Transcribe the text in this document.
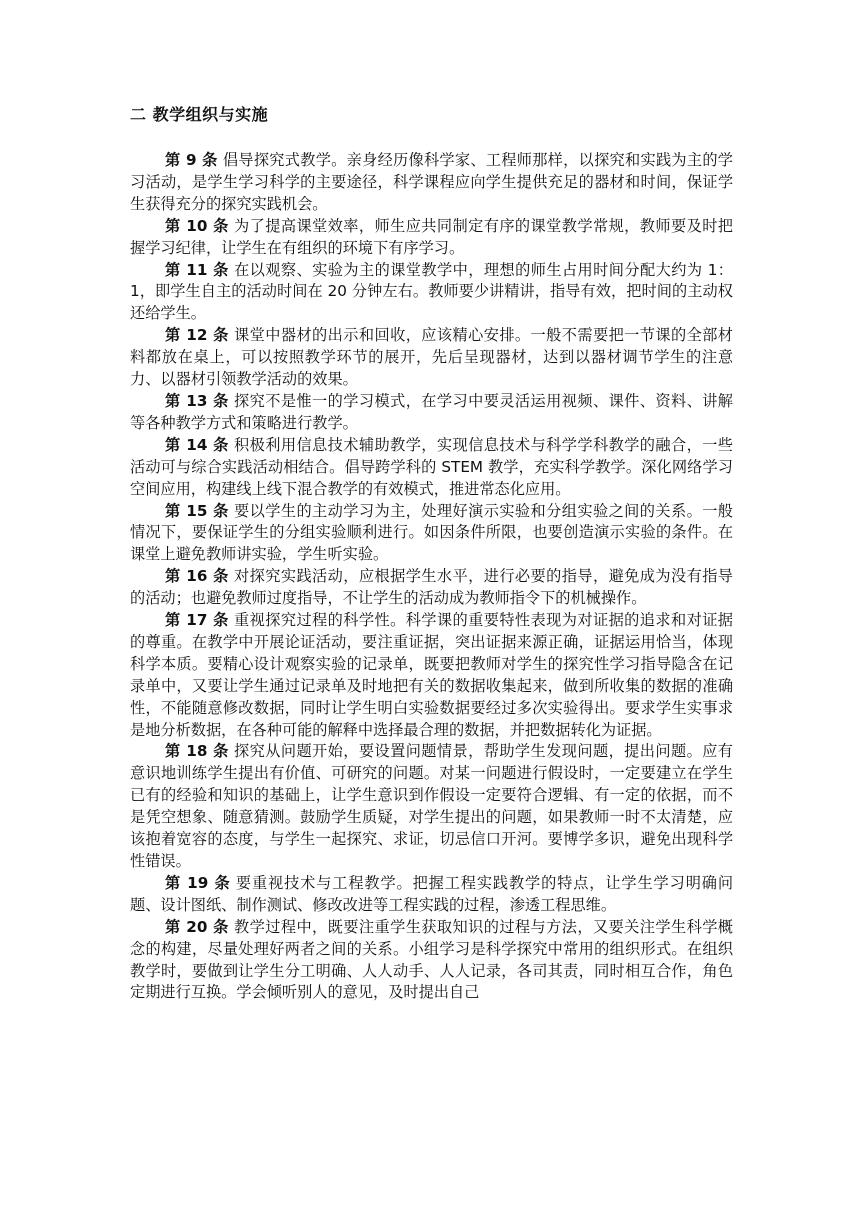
二 教学组织与实施

第 9 条 倡导探究式教学。亲身经历像科学家、工程师那样，以探究和实践为主的学习活动，是学生学习科学的主要途径，科学课程应向学生提供充足的器材和时间，保证学生获得充分的探究实践机会。

第 10 条 为了提高课堂效率，师生应共同制定有序的课堂教学常规，教师要及时把握学习纪律，让学生在有组织的环境下有序学习。

第 11 条 在以观察、实验为主的课堂教学中，理想的师生占用时间分配大约为 1：1，即学生自主的活动时间在 20 分钟左右。教师要少讲精讲，指导有效，把时间的主动权还给学生。

第 12 条 课堂中器材的出示和回收，应该精心安排。一般不需要把一节课的全部材料都放在桌上，可以按照教学环节的展开，先后呈现器材，达到以器材调节学生的注意力、以器材引领教学活动的效果。

第 13 条 探究不是惟一的学习模式，在学习中要灵活运用视频、课件、资料、讲解等各种教学方式和策略进行教学。

第 14 条 积极利用信息技术辅助教学，实现信息技术与科学学科教学的融合，一些活动可与综合实践活动相结合。倡导跨学科的 STEM 教学，充实科学教学。深化网络学习空间应用，构建线上线下混合教学的有效模式，推进常态化应用。

第 15 条 要以学生的主动学习为主，处理好演示实验和分组实验之间的关系。一般情况下，要保证学生的分组实验顺利进行。如因条件所限，也要创造演示实验的条件。在课堂上避免教师讲实验，学生听实验。

第 16 条 对探究实践活动，应根据学生水平，进行必要的指导，避免成为没有指导的活动；也避免教师过度指导，不让学生的活动成为教师指令下的机械操作。

第 17 条 重视探究过程的科学性。科学课的重要特性表现为对证据的追求和对证据的尊重。在教学中开展论证活动，要注重证据，突出证据来源正确，证据运用恰当，体现科学本质。要精心设计观察实验的记录单，既要把教师对学生的探究性学习指导隐含在记录单中，又要让学生通过记录单及时地把有关的数据收集起来，做到所收集的数据的准确性，不能随意修改数据，同时让学生明白实验数据要经过多次实验得出。要求学生实事求是地分析数据，在各种可能的解释中选择最合理的数据，并把数据转化为证据。

第 18 条 探究从问题开始，要设置问题情景，帮助学生发现问题，提出问题。应有意识地训练学生提出有价值、可研究的问题。对某一问题进行假设时，一定要建立在学生已有的经验和知识的基础上，让学生意识到作假设一定要符合逻辑、有一定的依据，而不是凭空想象、随意猜测。鼓励学生质疑，对学生提出的问题，如果教师一时不太清楚，应该抱着宽容的态度，与学生一起探究、求证，切忌信口开河。要博学多识，避免出现科学性错误。

第 19 条 要重视技术与工程教学。把握工程实践教学的特点，让学生学习明确问题、设计图纸、制作测试、修改改进等工程实践的过程，渗透工程思维。

第 20 条 教学过程中，既要注重学生获取知识的过程与方法，又要关注学生科学概念的构建，尽量处理好两者之间的关系。小组学习是科学探究中常用的组织形式。在组织教学时，要做到让学生分工明确、人人动手、人人记录，各司其责，同时相互合作，角色定期进行互换。学会倾听别人的意见，及时提出自己
